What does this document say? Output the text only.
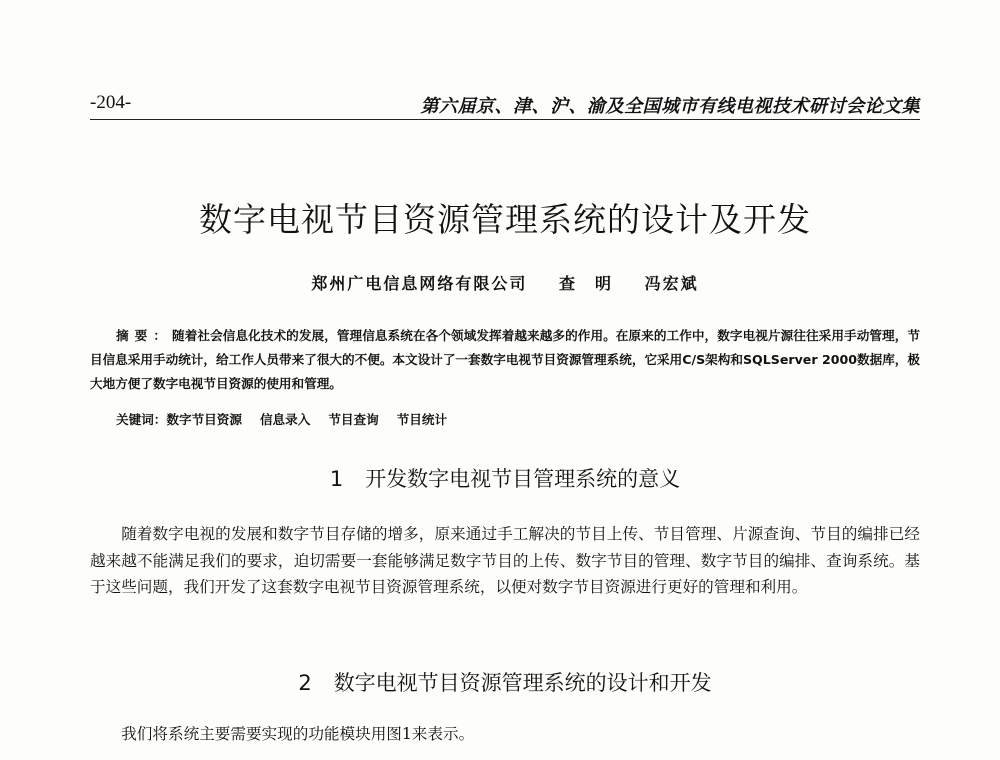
-204-	第六届京、津、沪、渝及全国城市有线电视技术研讨会论文集
数字电视节目资源管理系统的设计及开发
郑州广电信息网络有限公司 查明 冯宏斌

摘要：随着社会信息化技术的发展，管理信息系统在各个领域发挥着越来越多的作用。在原来的工作中，数字电视片源往往采用手动管理，节目信息采用手动统计，给工作人员带来了很大的不便。本文设计了一套数字电视节目资源管理系统，它采用C/S架构和SQLServer 2000数据库，极大地方便了数字电视节目资源的使用和管理。

关键词：数字节目资源 信息录入 节目查询 节目统计
1 开发数字电视节目管理系统的意义

随着数字电视的发展和数字节目存储的增多，原来通过手工解决的节目上传、节目管理、片源查询、节目的编排已经越来越不能满足我们的要求，迫切需要一套能够满足数字节目的上传、数字节目的管理、数字节目的编排、查询系统。基于这些问题，我们开发了这套数字电视节目资源管理系统，以便对数字节目资源进行更好的管理和利用。

2 数字电视节目资源管理系统的设计和开发

我们将系统主要需要实现的功能模块用图1来表示。
